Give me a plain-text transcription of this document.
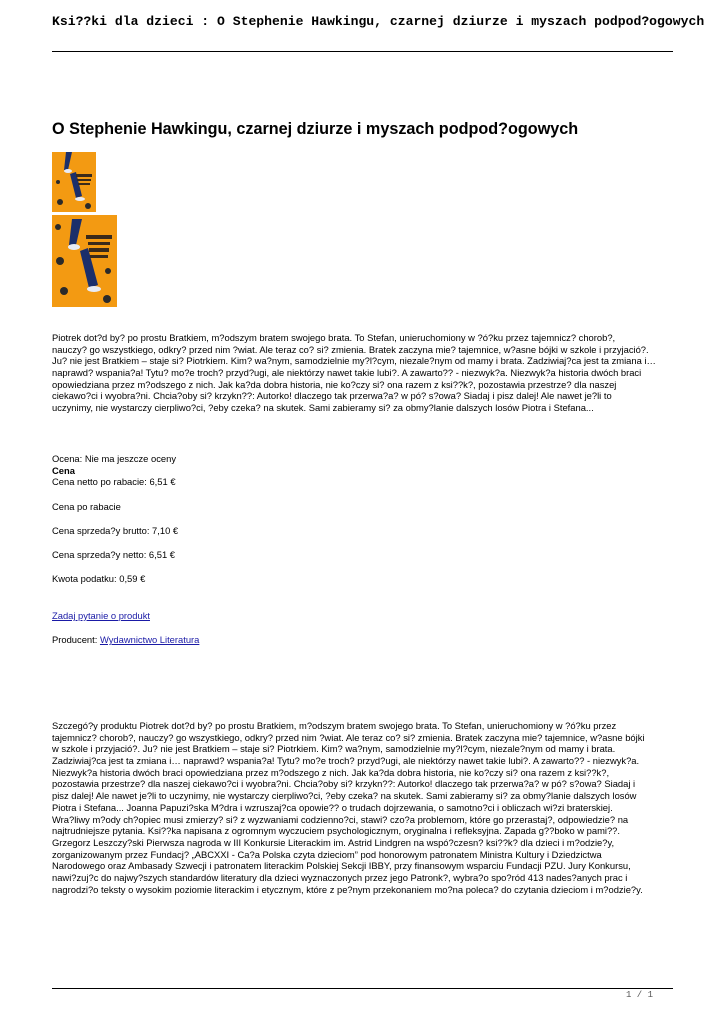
Ksi??ki dla dzieci : O Stephenie Hawkingu, czarnej dziurze i myszach podpod?ogowych
O Stephenie Hawkingu, czarnej dziurze i myszach podpod?ogowych
Piotrek dot?d by? po prostu Bratkiem, m?odszym bratem swojego brata. To Stefan, unieruchomiony w ?ó?ku przez tajemnicz? chorob?,
nauczy? go wszystkiego, odkry? przed nim ?wiat. Ale teraz co? si? zmienia. Bratek zaczyna mie? tajemnice, w?asne bójki w szkole i przyjació?.
Ju? nie jest Bratkiem – staje si? Piotrkiem. Kim? wa?nym, samodzielnie my?l?cym, niezale?nym od mamy i brata. Zadziwiaj?ca jest ta zmiana i…
naprawd? wspania?a! Tytu? mo?e troch? przyd?ugi, ale niektórzy nawet takie lubi?. A zawarto?? - niezwyk?a. Niezwyk?a historia dwóch braci
opowiedziana przez m?odszego z nich. Jak ka?da dobra historia, nie ko?czy si? ona razem z ksi??k?, pozostawia przestrze? dla naszej
ciekawo?ci i wyobra?ni. Chcia?oby si? krzykn??: Autorko! dlaczego tak przerwa?a? w pó? s?owa? Siadaj i pisz dalej! Ale nawet je?li to
uczynimy, nie wystarczy cierpliwo?ci, ?eby czeka? na skutek. Sami zabieramy si? za obmy?lanie dalszych losów Piotra i Stefana...
Ocena: Nie ma jeszcze oceny
Cena
Cena netto po rabacie: 6,51 €
Cena po rabacie
Cena sprzeda?y brutto: 7,10 €
Cena sprzeda?y netto: 6,51 €
Kwota podatku: 0,59 €
Zadaj pytanie o produkt
Producent: Wydawnictwo Literatura
Szczegó?y produktu Piotrek dot?d by? po prostu Bratkiem, m?odszym bratem swojego brata. To Stefan, unieruchomiony w ?ó?ku przez
tajemnicz? chorob?, nauczy? go wszystkiego, odkry? przed nim ?wiat. Ale teraz co? si? zmienia. Bratek zaczyna mie? tajemnice, w?asne bójki
w szkole i przyjació?. Ju? nie jest Bratkiem – staje si? Piotrkiem. Kim? wa?nym, samodzielnie my?l?cym, niezale?nym od mamy i brata.
Zadziwiaj?ca jest ta zmiana i… naprawd? wspania?a! Tytu? mo?e troch? przyd?ugi, ale niektórzy nawet takie lubi?. A zawarto?? - niezwyk?a.
Niezwyk?a historia dwóch braci opowiedziana przez m?odszego z nich. Jak ka?da dobra historia, nie ko?czy si? ona razem z ksi??k?,
pozostawia przestrze? dla naszej ciekawo?ci i wyobra?ni. Chcia?oby si? krzykn??: Autorko! dlaczego tak przerwa?a? w pó? s?owa? Siadaj i
pisz dalej! Ale nawet je?li to uczynimy, nie wystarczy cierpliwo?ci, ?eby czeka? na skutek. Sami zabieramy si? za obmy?lanie dalszych losów
Piotra i Stefana... Joanna Papuzi?ska M?dra i wzruszaj?ca opowie?? o trudach dojrzewania, o samotno?ci i obliczach wi?zi braterskiej.
Wra?liwy m?ody ch?opiec musi zmierzy? si? z wyzwaniami codzienno?ci, stawi? czo?a problemom, które go przerastaj?, odpowiedzie? na
najtrudniejsze pytania. Ksi??ka napisana z ogromnym wyczuciem psychologicznym, oryginalna i refleksyjna. Zapada g??boko w pami??.
Grzegorz Leszczy?ski Pierwsza nagroda w III Konkursie Literackim im. Astrid Lindgren na wspó?czesn? ksi??k? dla dzieci i m?odzie?y,
zorganizowanym przez Fundacj? „ABCXXI - Ca?a Polska czyta dzieciom” pod honorowym patronatem Ministra Kultury i Dziedzictwa
Narodowego oraz Ambasady Szwecji i patronatem literackim Polskiej Sekcji IBBY, przy finansowym wsparciu Fundacji PZU. Jury Konkursu,
nawi?zuj?c do najwy?szych standardów literatury dla dzieci wyznaczonych przez jego Patronk?, wybra?o spo?ród 413 nades?anych prac i
nagrodzi?o teksty o wysokim poziomie literackim i etycznym, które z pe?nym przekonaniem mo?na poleca? do czytania dzieciom i m?odzie?y.
1 / 1
